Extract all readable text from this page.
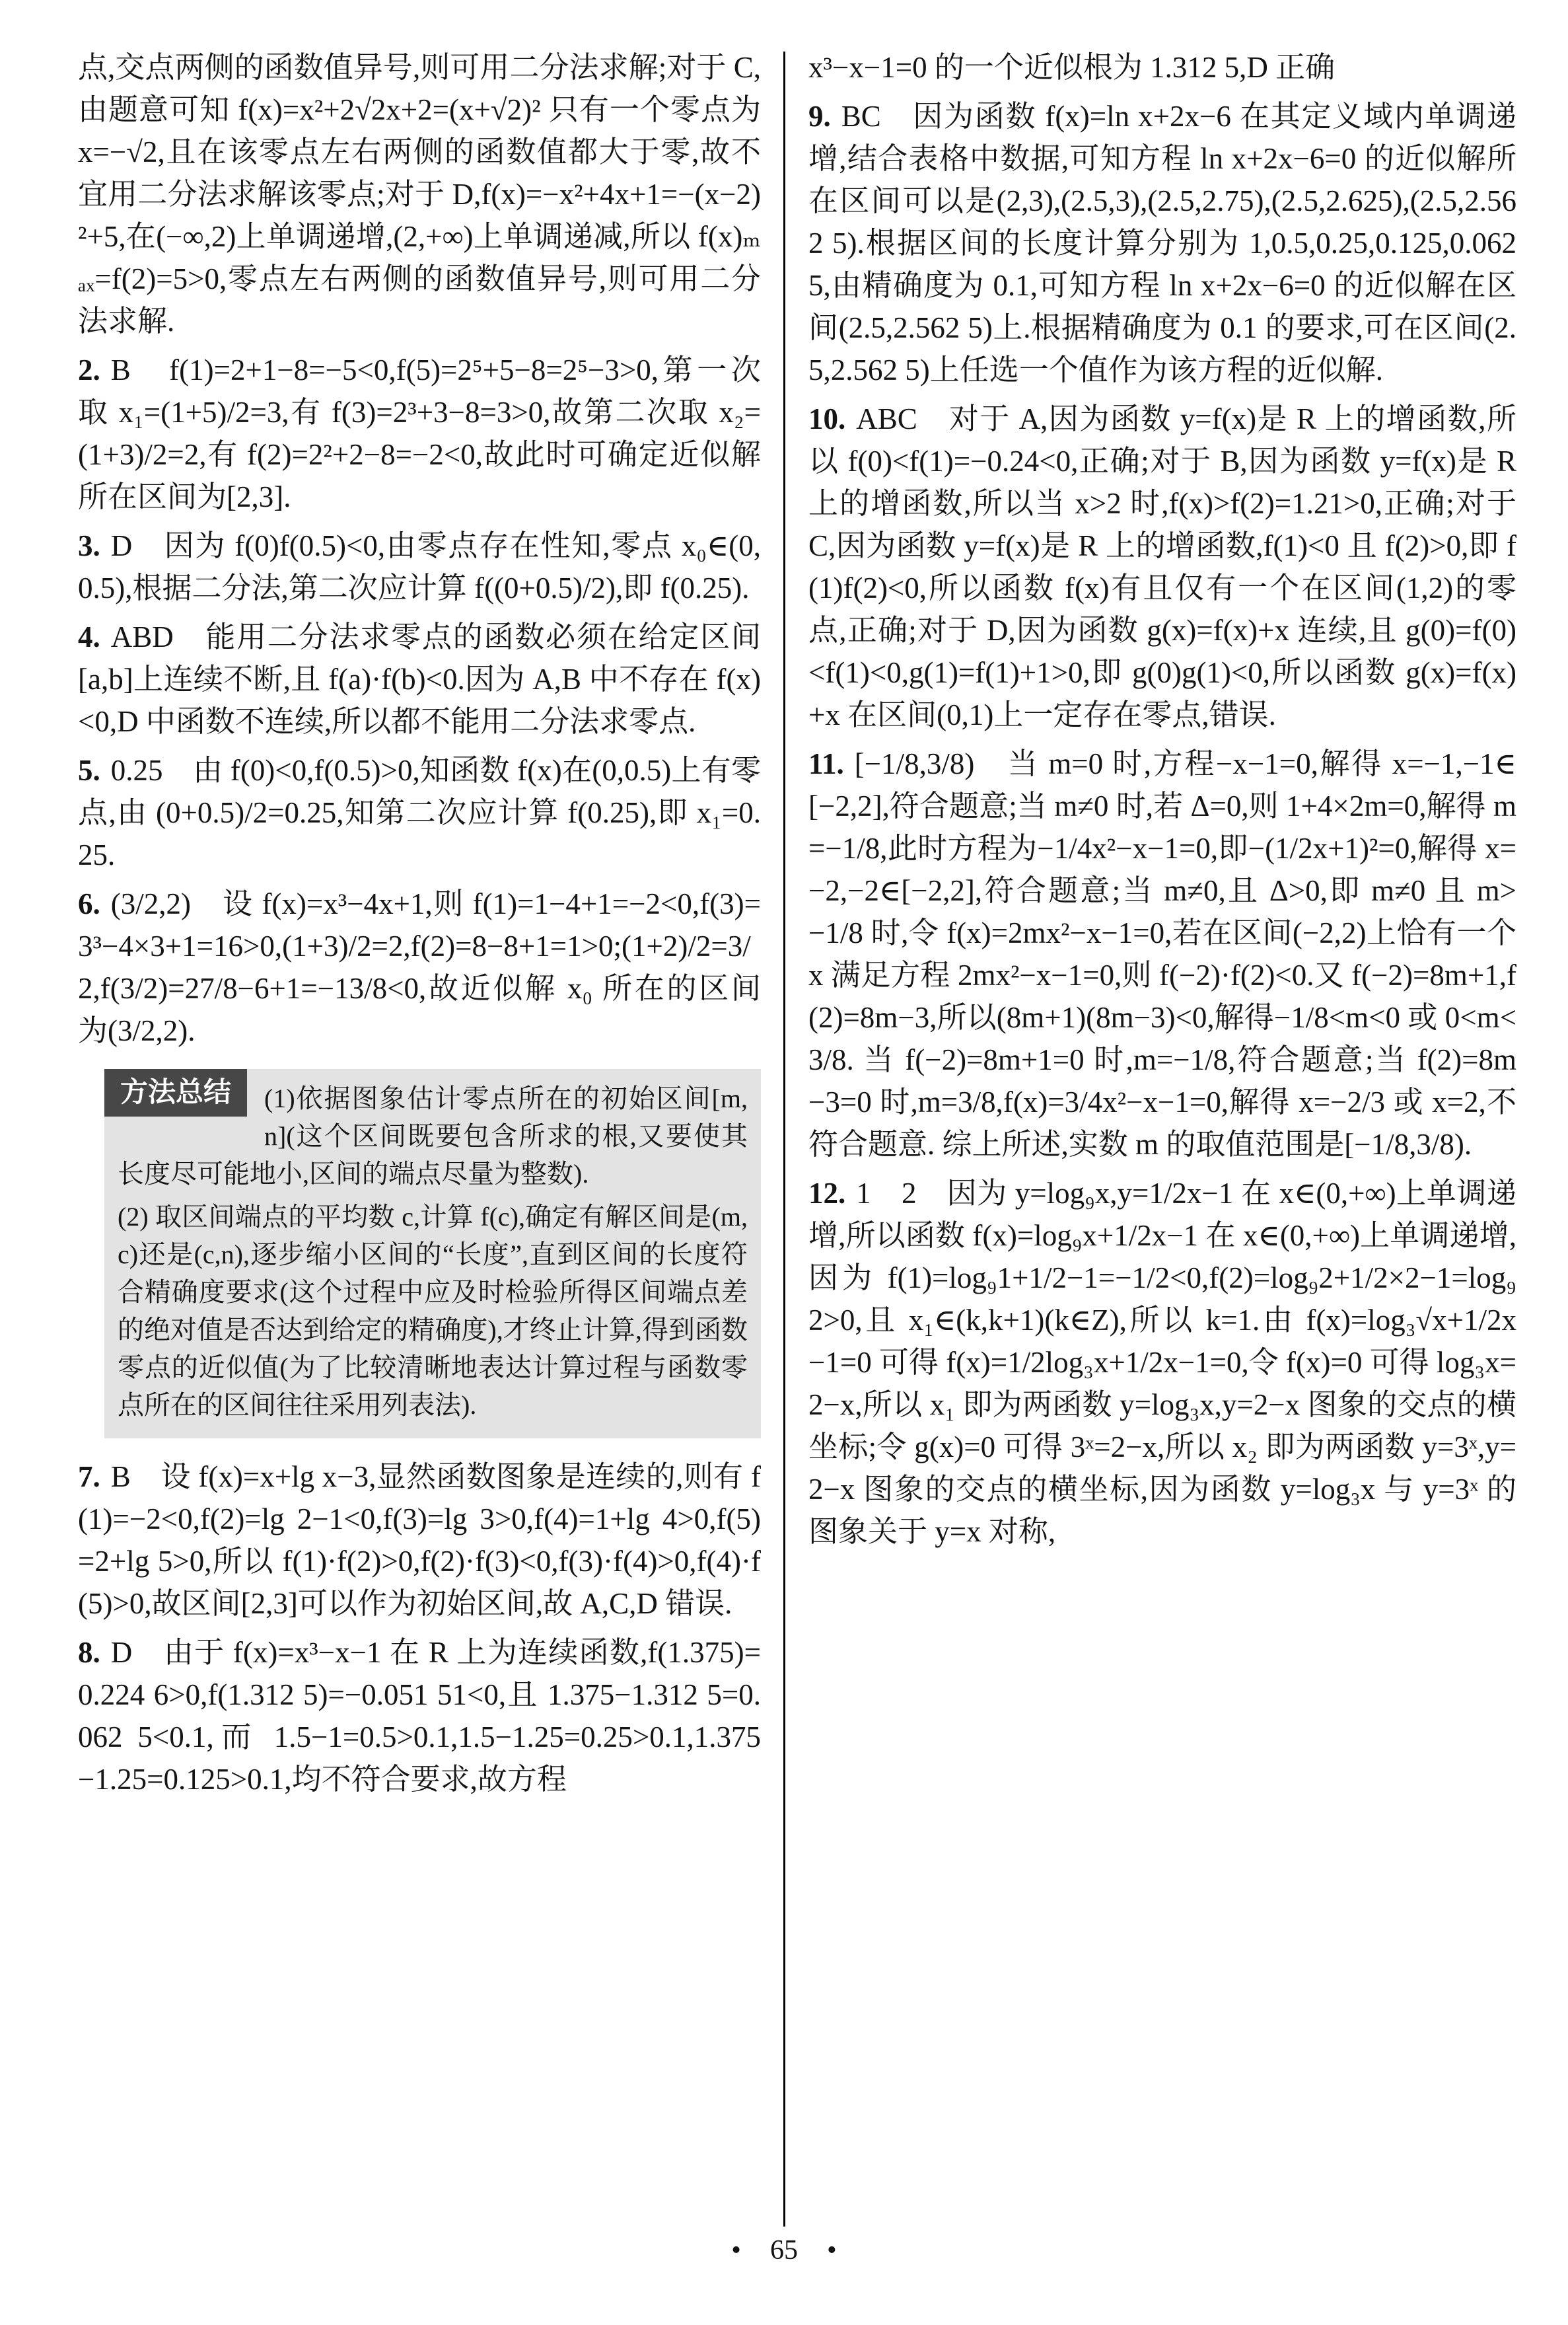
点,交点两侧的函数值异号,则可用二分法求解;对于 C,由题意可知 f(x)=x²+2√2x+2=(x+√2)² 只有一个零点为 x=−√2,且在该零点左右两侧的函数值都大于零,故不宜用二分法求解该零点;对于 D,f(x)=−x²+4x+1=−(x−2)²+5,在(−∞,2)上单调递增,(2,+∞)上单调递减,所以 f(x)ₘₐₓ=f(2)=5>0,零点左右两侧的函数值异号,则可用二分法求解.

2. B　f(1)=2+1−8=−5<0,f(5)=2⁵+5−8=2⁵−3>0,第一次取 x₁=(1+5)/2=3,有 f(3)=2³+3−8=3>0,故第二次取 x₂=(1+3)/2=2,有 f(2)=2²+2−8=−2<0,故此时可确定近似解所在区间为[2,3].

3. D　因为 f(0)f(0.5)<0,由零点存在性知,零点 x₀∈(0,0.5),根据二分法,第二次应计算 f((0+0.5)/2),即 f(0.25).

4. ABD　能用二分法求零点的函数必须在给定区间[a,b]上连续不断,且 f(a)·f(b)<0.因为 A,B 中不存在 f(x)<0,D 中函数不连续,所以都不能用二分法求零点.

5. 0.25　由 f(0)<0,f(0.5)>0,知函数 f(x)在(0,0.5)上有零点,由 (0+0.5)/2=0.25,知第二次应计算 f(0.25),即 x₁=0.25.

6. (3/2,2)　设 f(x)=x³−4x+1,则 f(1)=1−4+1=−2<0,f(3)=3³−4×3+1=16>0,(1+3)/2=2,f(2)=8−8+1=1>0;(1+2)/2=3/2,f(3/2)=27/8−6+1=−13/8<0,故近似解 x₀ 所在的区间为(3/2,2).

方法总结	(1)依据图象估计零点所在的初始区间[m,n](这个区间既要包含所求的根,又要使其长度尽可能地小,区间的端点尽量为整数).

(2) 取区间端点的平均数 c,计算 f(c),确定有解区间是(m,c)还是(c,n),逐步缩小区间的“长度”,直到区间的长度符合精确度要求(这个过程中应及时检验所得区间端点差的绝对值是否达到给定的精确度),才终止计算,得到函数零点的近似值(为了比较清晰地表达计算过程与函数零点所在的区间往往采用列表法).

7. B　设 f(x)=x+lg x−3,显然函数图象是连续的,则有 f(1)=−2<0,f(2)=lg 2−1<0,f(3)=lg 3>0,f(4)=1+lg 4>0,f(5)=2+lg 5>0,所以 f(1)·f(2)>0,f(2)·f(3)<0,f(3)·f(4)>0,f(4)·f(5)>0,故区间[2,3]可以作为初始区间,故 A,C,D 错误.

8. D　由于 f(x)=x³−x−1 在 R 上为连续函数,f(1.375)=0.224 6>0,f(1.312 5)=−0.051 51<0,且 1.375−1.312 5=0.062 5<0.1,而 1.5−1=0.5>0.1,1.5−1.25=0.25>0.1,1.375−1.25=0.125>0.1,均不符合要求,故方程

x³−x−1=0 的一个近似根为 1.312 5,D 正确

9. BC　因为函数 f(x)=ln x+2x−6 在其定义域内单调递增,结合表格中数据,可知方程 ln x+2x−6=0 的近似解所在区间可以是(2,3),(2.5,3),(2.5,2.75),(2.5,2.625),(2.5,2.562 5).根据区间的长度计算分别为 1,0.5,0.25,0.125,0.062 5,由精确度为 0.1,可知方程 ln x+2x−6=0 的近似解在区间(2.5,2.562 5)上.根据精确度为 0.1 的要求,可在区间(2.5,2.562 5)上任选一个值作为该方程的近似解.

10. ABC　对于 A,因为函数 y=f(x)是 R 上的增函数,所以 f(0)<f(1)=−0.24<0,正确;对于 B,因为函数 y=f(x)是 R 上的增函数,所以当 x>2 时,f(x)>f(2)=1.21>0,正确;对于 C,因为函数 y=f(x)是 R 上的增函数,f(1)<0 且 f(2)>0,即 f(1)f(2)<0,所以函数 f(x)有且仅有一个在区间(1,2)的零点,正确;对于 D,因为函数 g(x)=f(x)+x 连续,且 g(0)=f(0)<f(1)<0,g(1)=f(1)+1>0,即 g(0)g(1)<0,所以函数 g(x)=f(x)+x 在区间(0,1)上一定存在零点,错误.

11. [−1/8,3/8)　当 m=0 时,方程−x−1=0,解得 x=−1,−1∈[−2,2],符合题意;当 m≠0 时,若 Δ=0,则 1+4×2m=0,解得 m=−1/8,此时方程为−1/4x²−x−1=0,即−(1/2x+1)²=0,解得 x=−2,−2∈[−2,2],符合题意;当 m≠0,且 Δ>0,即 m≠0 且 m>−1/8 时,令 f(x)=2mx²−x−1=0,若在区间(−2,2)上恰有一个 x 满足方程 2mx²−x−1=0,则 f(−2)·f(2)<0.又 f(−2)=8m+1,f(2)=8m−3,所以(8m+1)(8m−3)<0,解得−1/8<m<0 或 0<m<3/8. 当 f(−2)=8m+1=0 时,m=−1/8,符合题意;当 f(2)=8m−3=0 时,m=3/8,f(x)=3/4x²−x−1=0,解得 x=−2/3 或 x=2,不符合题意. 综上所述,实数 m 的取值范围是[−1/8,3/8).

12. 1　2　因为 y=log₉x,y=1/2x−1 在 x∈(0,+∞)上单调递增,所以函数 f(x)=log₉x+1/2x−1 在 x∈(0,+∞)上单调递增,因为 f(1)=log₉1+1/2−1=−1/2<0,f(2)=log₉2+1/2×2−1=log₉2>0,且 x₁∈(k,k+1)(k∈Z),所以 k=1.由 f(x)=log₃√x+1/2x−1=0 可得 f(x)=1/2log₃x+1/2x−1=0,令 f(x)=0 可得 log₃x=2−x,所以 x₁ 即为两函数 y=log₃x,y=2−x 图象的交点的横坐标;令 g(x)=0 可得 3ˣ=2−x,所以 x₂ 即为两函数 y=3ˣ,y=2−x 图象的交点的横坐标,因为函数 y=log₃x 与 y=3ˣ 的图象关于 y=x 对称,

• 65 •
